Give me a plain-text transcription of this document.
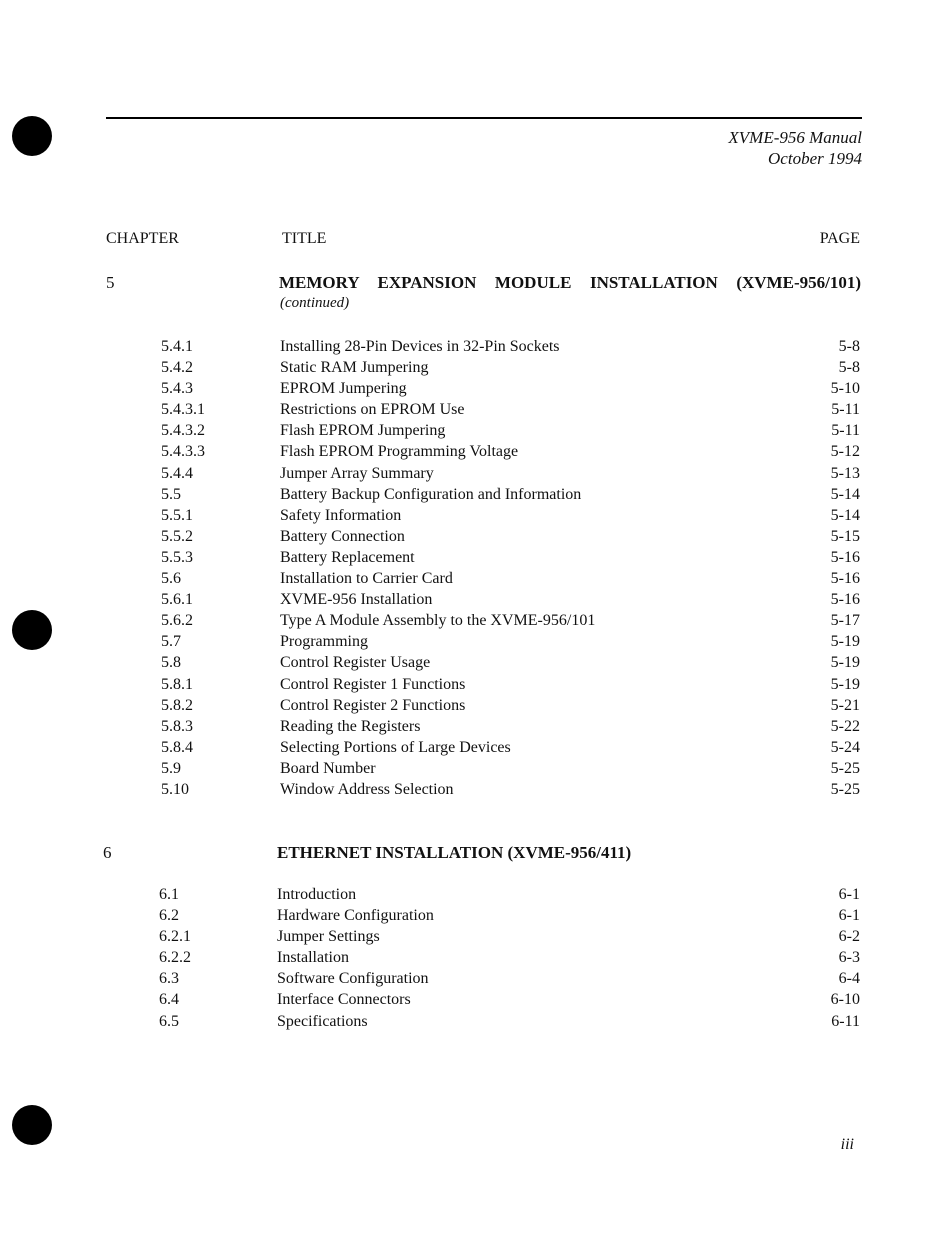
XVME-956 Manual
October 1994
CHAPTER	TITLE	PAGE
5	MEMORY EXPANSION MODULE INSTALLATION (XVME-956/101)
(continued)
5.4.1	Installing 28-Pin Devices in 32-Pin Sockets	5-8
5.4.2	Static RAM Jumpering	5-8
5.4.3	EPROM Jumpering	5-10
5.4.3.1	Restrictions on EPROM Use	5-11
5.4.3.2	Flash EPROM Jumpering	5-11
5.4.3.3	Flash EPROM Programming Voltage	5-12
5.4.4	Jumper Array Summary	5-13
5.5	Battery Backup Configuration and Information	5-14
5.5.1	Safety Information	5-14
5.5.2	Battery Connection	5-15
5.5.3	Battery Replacement	5-16
5.6	Installation to Carrier Card	5-16
5.6.1	XVME-956 Installation	5-16
5.6.2	Type A Module Assembly to the XVME-956/101	5-17
5.7	Programming	5-19
5.8	Control Register Usage	5-19
5.8.1	Control Register 1 Functions	5-19
5.8.2	Control Register 2 Functions	5-21
5.8.3	Reading the Registers	5-22
5.8.4	Selecting Portions of Large Devices	5-24
5.9	Board Number	5-25
5.10	Window Address Selection	5-25
6	ETHERNET INSTALLATION (XVME-956/411)
6.1	Introduction	6-1
6.2	Hardware Configuration	6-1
6.2.1	Jumper Settings	6-2
6.2.2	Installation	6-3
6.3	Software Configuration	6-4
6.4	Interface Connectors	6-10
6.5	Specifications	6-11
iii
